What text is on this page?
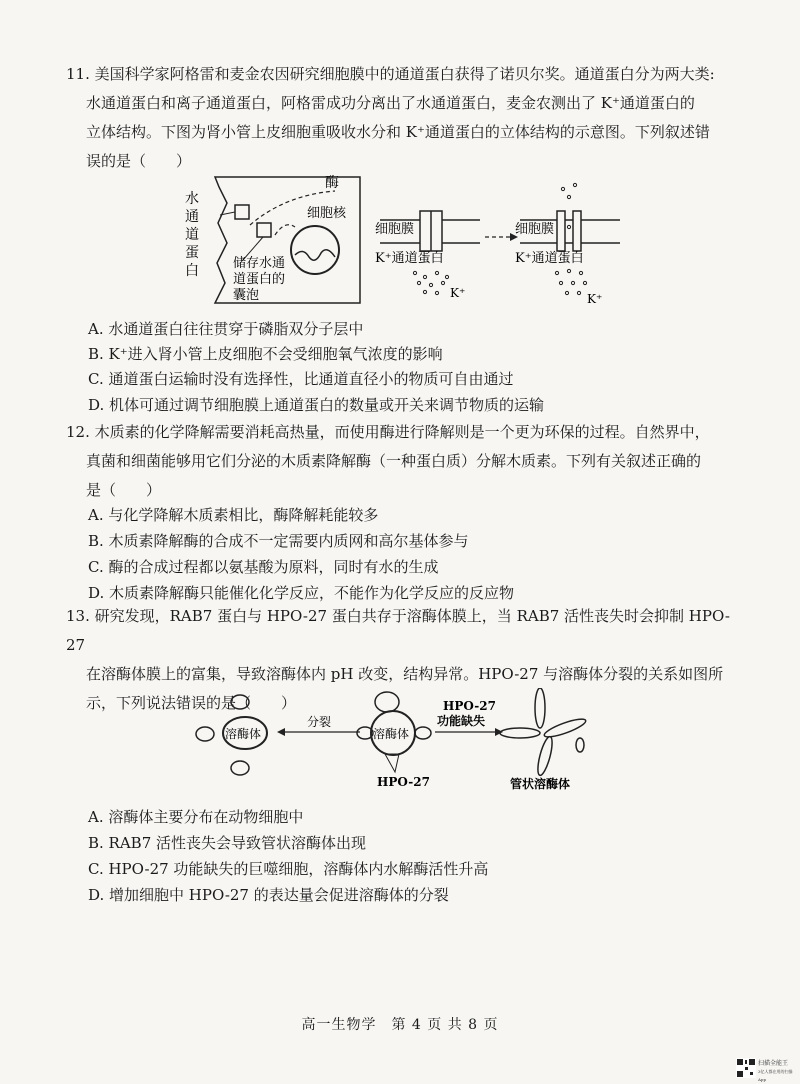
11. 美国科学家阿格雷和麦金农因研究细胞膜中的通道蛋白获得了诺贝尔奖。通道蛋白分为两大类:

水通道蛋白和离子通道蛋白，阿格雷成功分离出了水通道蛋白，麦金农测出了 K⁺通道蛋白的

立体结构。下图为肾小管上皮细胞重吸收水分和 K⁺通道蛋白的立体结构的示意图。下列叙述错

误的是（　　）

酶
细胞核
水
通
道
蛋
白	储存水通
道蛋白的
囊泡
细胞膜
K⁺通道蛋白
K⁺
细胞膜
K⁺通道蛋白
K⁺
A. 水通道蛋白往往贯穿于磷脂双分子层中
B. K⁺进入肾小管上皮细胞不会受细胞氧气浓度的影响
C. 通道蛋白运输时没有选择性，比通道直径小的物质可自由通过
D. 机体可通过调节细胞膜上通道蛋白的数量或开关来调节物质的运输

12. 木质素的化学降解需要消耗高热量，而使用酶进行降解则是一个更为环保的过程。自然界中，

真菌和细菌能够用它们分泌的木质素降解酶（一种蛋白质）分解木质素。下列有关叙述正确的

是（　　）

A. 与化学降解木质素相比，酶降解耗能较多
B. 木质素降解酶的合成不一定需要内质网和高尔基体参与
C. 酶的合成过程都以氨基酸为原料，同时有水的生成
D. 木质素降解酶只能催化化学反应，不能作为化学反应的反应物

13. 研究发现，RAB7 蛋白与 HPO-27 蛋白共存于溶酶体膜上，当 RAB7 活性丧失时会抑制 HPO-27

在溶酶体膜上的富集，导致溶酶体内 pH 改变，结构异常。HPO-27 与溶酶体分裂的关系如图所

示，下列说法错误的是（　　）

溶酶体
分裂
溶酶体
HPO-27
HPO-27
功能缺失
管状溶酶体
A. 溶酶体主要分布在动物细胞中
B. RAB7 活性丧失会导致管状溶酶体出现
C. HPO-27 功能缺失的巨噬细胞，溶酶体内水解酶活性升高
D. 增加细胞中 HPO-27 的表达量会促进溶酶体的分裂
高一生物学　第 4 页 共 8 页
扫描全能王
3亿人都在用的扫描App
